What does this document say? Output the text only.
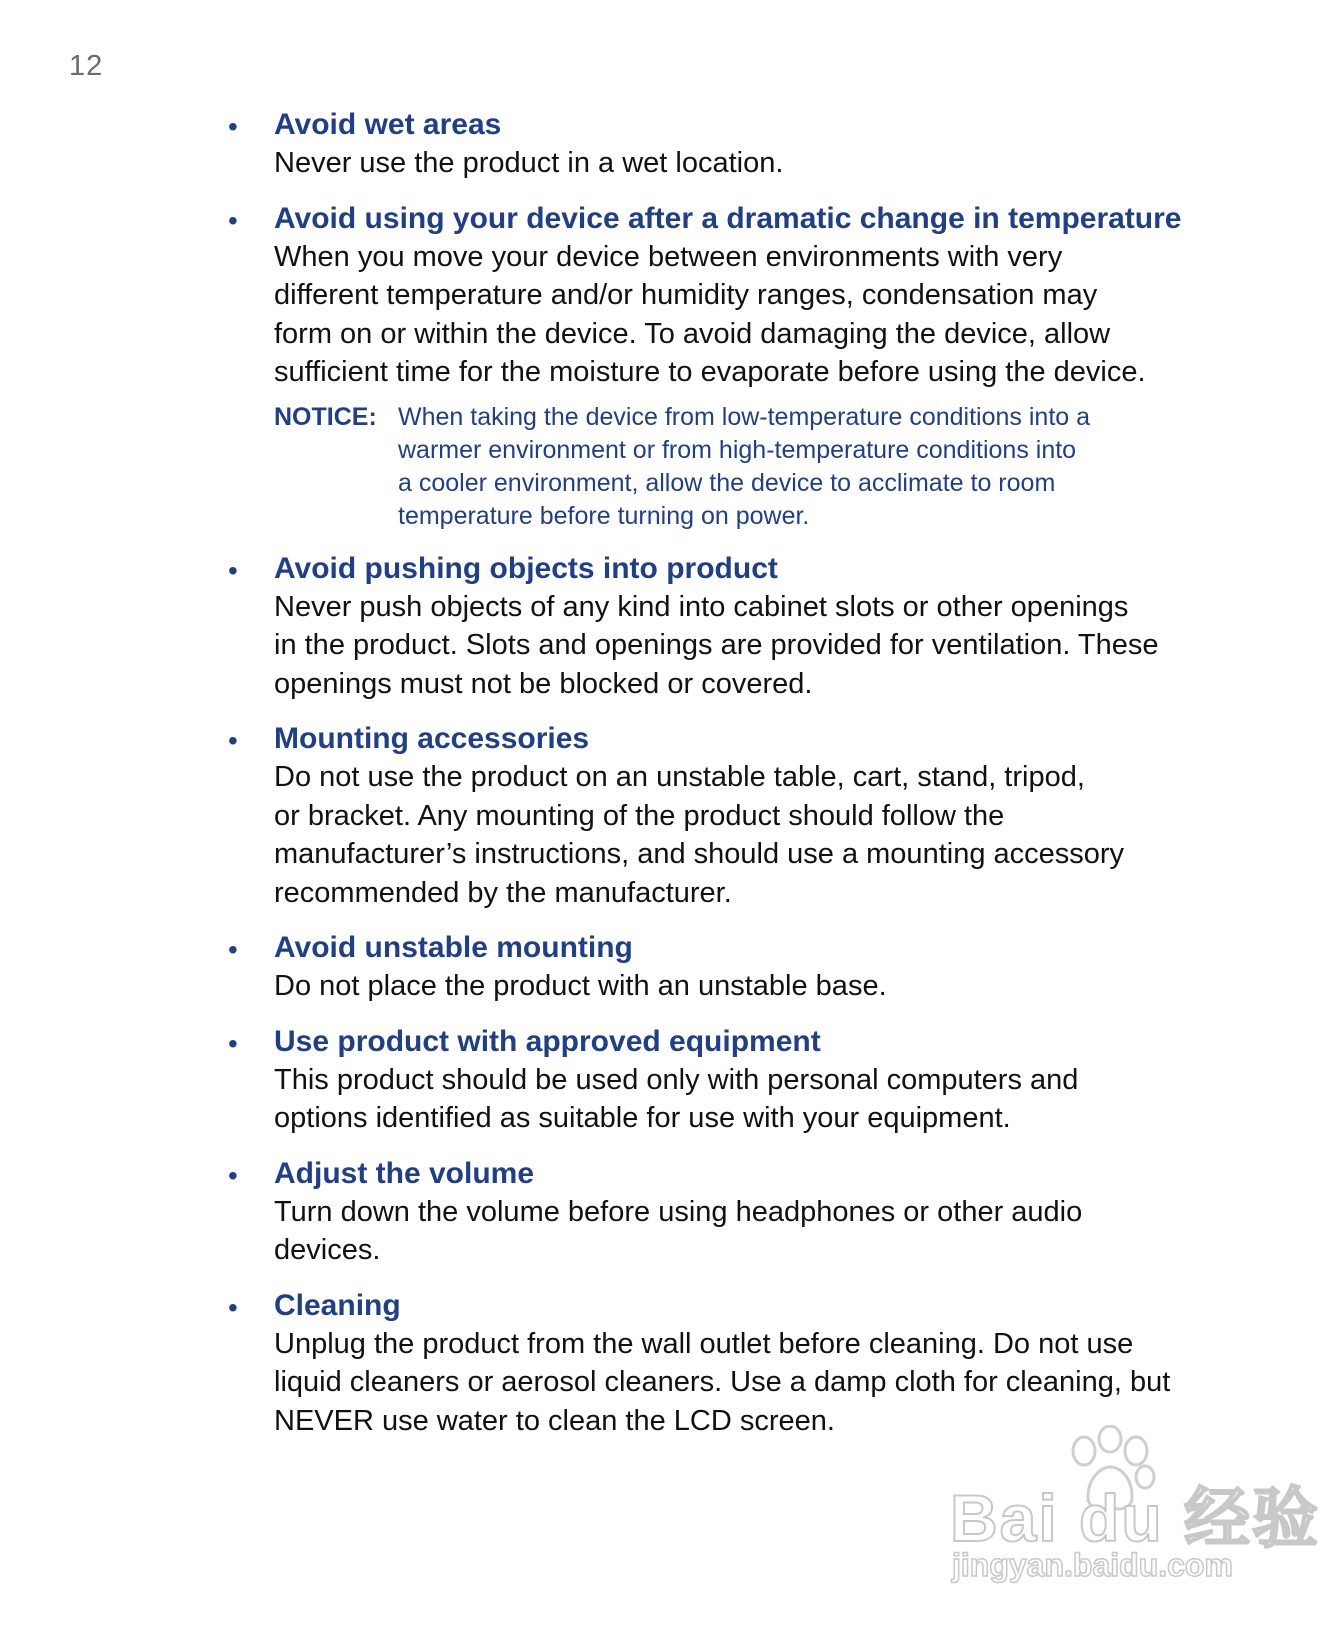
12
• Avoid wet areas
Never use the product in a wet location.
• Avoid using your device after a dramatic change in temperature
When you move your device between environments with very
different temperature and/or humidity ranges, condensation may
form on or within the device. To avoid damaging the device, allow
sufficient time for the moisture to evaporate before using the device.
NOTICE: When taking the device from low-temperature conditions into a
warmer environment or from high-temperature conditions into
a cooler environment, allow the device to acclimate to room
temperature before turning on power.
• Avoid pushing objects into product
Never push objects of any kind into cabinet slots or other openings
in the product. Slots and openings are provided for ventilation. These
openings must not be blocked or covered.
• Mounting accessories
Do not use the product on an unstable table, cart, stand, tripod,
or bracket. Any mounting of the product should follow the
manufacturer’s instructions, and should use a mounting accessory
recommended by the manufacturer.
• Avoid unstable mounting
Do not place the product with an unstable base.
• Use product with approved equipment
This product should be used only with personal computers and
options identified as suitable for use with your equipment.
• Adjust the volume
Turn down the volume before using headphones or other audio
devices.
• Cleaning
Unplug the product from the wall outlet before cleaning. Do not use
liquid cleaners or aerosol cleaners. Use a damp cloth for cleaning, but
NEVER use water to clean the LCD screen.
Bai du 经验
jingyan.baidu.com
